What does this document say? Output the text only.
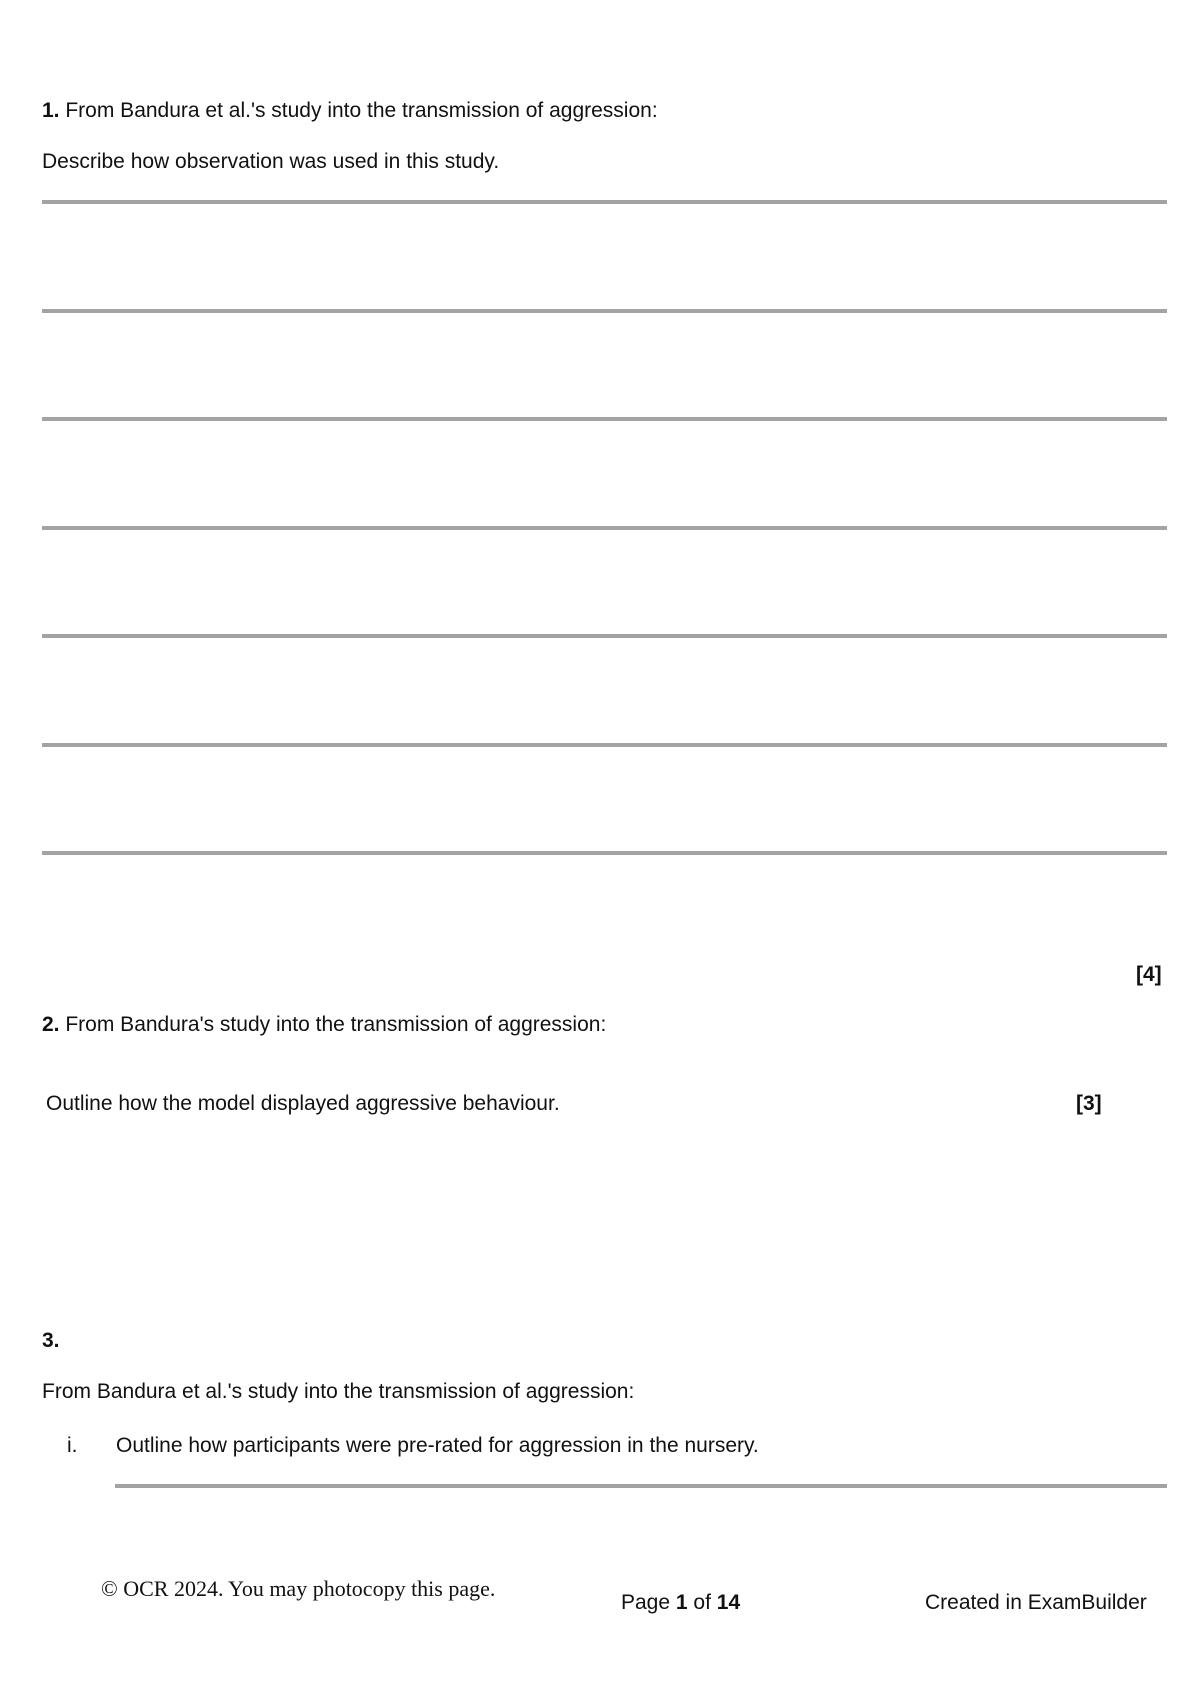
1. From Bandura et al.'s study into the transmission of aggression:
Describe how observation was used in this study.
[4]
2. From Bandura's study into the transmission of aggression:
Outline how the model displayed aggressive behaviour.	[3]
3.
From Bandura et al.'s study into the transmission of aggression:
i. Outline how participants were pre-rated for aggression in the nursery.
© OCR 2024. You may photocopy this page.
Page 1 of 14	Created in ExamBuilder
